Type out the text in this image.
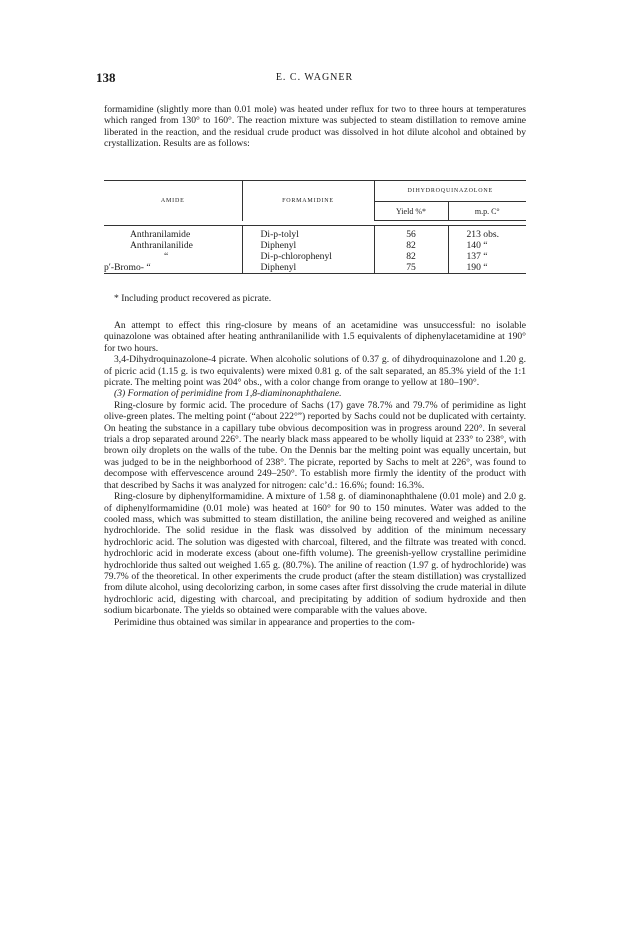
138	E. C. WAGNER

formamidine (slightly more than 0.01 mole) was heated under reflux for two to three hours at temperatures which ranged from 130° to 160°. The reaction mixture was subjected to steam distillation to remove amine liberated in the reaction, and the residual crude product was dissolved in hot dilute alcohol and obtained by crystallization. Results are as follows:

AMIDE	FORMAMIDINE	DIHYDROQUINAZOLONE	
		Yield %*	m.p. C°

Anthranilamide	Di-p-tolyl	56	213 obs.
Anthranilanilide	Diphenyl	82	140 “
“	Di-p-chlorophenyl	82	137 “
p′-Bromo- “	Diphenyl	75	190 “
* Including product recovered as picrate.

An attempt to effect this ring-closure by means of an acetamidine was unsuccessful: no isolable quinazolone was obtained after heating anthranilanilide with 1.5 equivalents of diphenylacetamidine at 190° for two hours.

3,4-Dihydroquinazolone-4 picrate. When alcoholic solutions of 0.37 g. of dihydroquinazolone and 1.20 g. of picric acid (1.15 g. is two equivalents) were mixed 0.81 g. of the salt separated, an 85.3% yield of the 1:1 picrate. The melting point was 204° obs., with a color change from orange to yellow at 180–190°.

(3) Formation of perimidine from 1,8-diaminonaphthalene.

Ring-closure by formic acid. The procedure of Sachs (17) gave 78.7% and 79.7% of perimidine as light olive-green plates. The melting point (“about 222°”) reported by Sachs could not be duplicated with certainty. On heating the substance in a capillary tube obvious decomposition was in progress around 220°. In several trials a drop separated around 226°. The nearly black mass appeared to be wholly liquid at 233° to 238°, with brown oily droplets on the walls of the tube. On the Dennis bar the melting point was equally uncertain, but was judged to be in the neighborhood of 238°. The picrate, reported by Sachs to melt at 226°, was found to decompose with effervescence around 249–250°. To establish more firmly the identity of the product with that described by Sachs it was analyzed for nitrogen: calc’d.: 16.6%; found: 16.3%.

Ring-closure by diphenylformamidine. A mixture of 1.58 g. of diaminonaphthalene (0.01 mole) and 2.0 g. of diphenylformamidine (0.01 mole) was heated at 160° for 90 to 150 minutes. Water was added to the cooled mass, which was submitted to steam distillation, the aniline being recovered and weighed as aniline hydrochloride. The solid residue in the flask was dissolved by addition of the minimum necessary hydrochloric acid. The solution was digested with charcoal, filtered, and the filtrate was treated with concd. hydrochloric acid in moderate excess (about one-fifth volume). The greenish-yellow crystalline perimidine hydrochloride thus salted out weighed 1.65 g. (80.7%). The aniline of reaction (1.97 g. of hydrochloride) was 79.7% of the theoretical. In other experiments the crude product (after the steam distillation) was crystallized from dilute alcohol, using decolorizing carbon, in some cases after first dissolving the crude material in dilute hydrochloric acid, digesting with charcoal, and precipitating by addition of sodium hydroxide and then sodium bicarbonate. The yields so obtained were comparable with the values above.

Perimidine thus obtained was similar in appearance and properties to the com-
